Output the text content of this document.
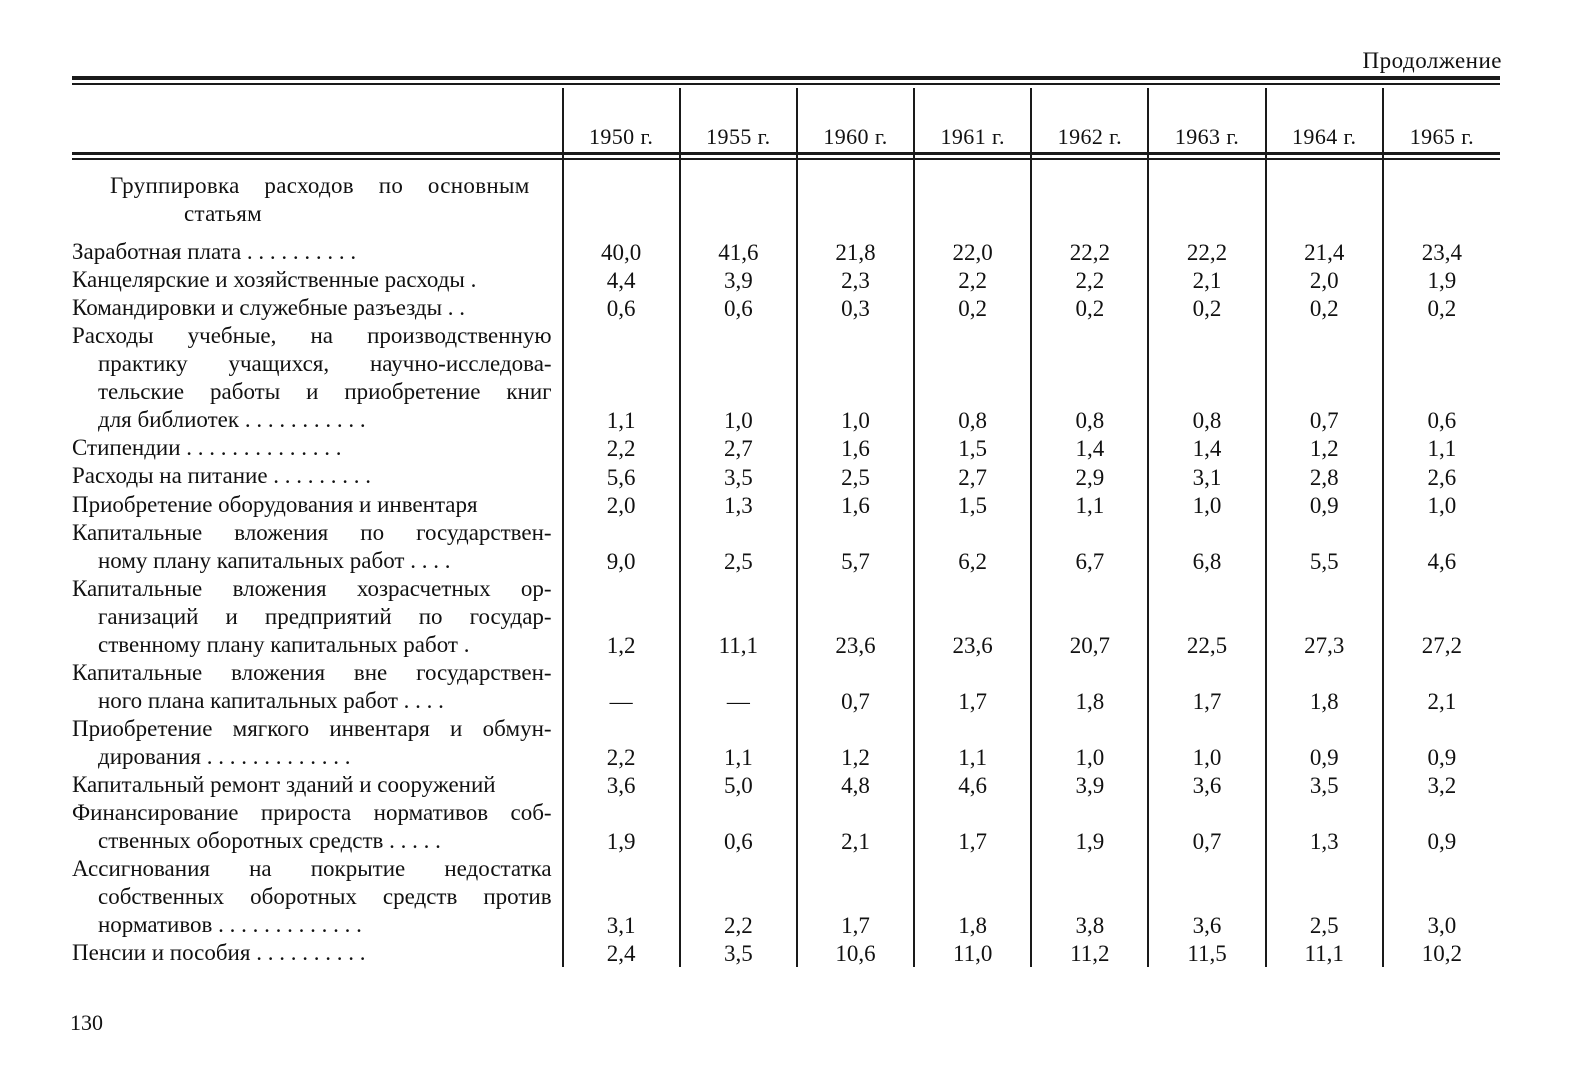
Продолжение
	1950 г.	1955 г.	1960 г.	1961 г.	1962 г.	1963 г.	1964 г.	1965 г.

Группировка расходов по основным
статьям								

Заработная плата . . . . . . . . . .	40,0	41,6	21,8	22,0	22,2	22,2	21,4	23,4

Канцелярские и хозяйственные расходы .	4,4	3,9	2,3	2,2	2,2	2,1	2,0	1,9

Командировки и служебные разъезды . .	0,6	0,6	0,3	0,2	0,2	0,2	0,2	0,2

Расходы учебные, на производственную
практику учащихся, научно-исследова-
тельские работы и приобретение книг
для библиотек . . . . . . . . . . .	1,1	1,0	1,0	0,8	0,8	0,8	0,7	0,6

Стипендии . . . . . . . . . . . . . .	2,2	2,7	1,6	1,5	1,4	1,4	1,2	1,1

Расходы на питание . . . . . . . . .	5,6	3,5	2,5	2,7	2,9	3,1	2,8	2,6

Приобретение оборудования и инвентаря	2,0	1,3	1,6	1,5	1,1	1,0	0,9	1,0

Капитальные вложения по государствен-
ному плану капитальных работ . . . .	9,0	2,5	5,7	6,2	6,7	6,8	5,5	4,6

Капитальные вложения хозрасчетных ор-
ганизаций и предприятий по государ-
ственному плану капитальных работ .	1,2	11,1	23,6	23,6	20,7	22,5	27,3	27,2

Капитальные вложения вне государствен-
ного плана капитальных работ . . . .	—	—	0,7	1,7	1,8	1,7	1,8	2,1

Приобретение мягкого инвентаря и обмун-
дирования . . . . . . . . . . . . .	2,2	1,1	1,2	1,1	1,0	1,0	0,9	0,9

Капитальный ремонт зданий и сооружений	3,6	5,0	4,8	4,6	3,9	3,6	3,5	3,2

Финансирование прироста нормативов соб-
ственных оборотных средств . . . . .	1,9	0,6	2,1	1,7	1,9	0,7	1,3	0,9

Ассигнования на покрытие недостатка
собственных оборотных средств против
нормативов . . . . . . . . . . . . .	3,1	2,2	1,7	1,8	3,8	3,6	2,5	3,0

Пенсии и пособия . . . . . . . . . .	2,4	3,5	10,6	11,0	11,2	11,5	11,1	10,2
130
